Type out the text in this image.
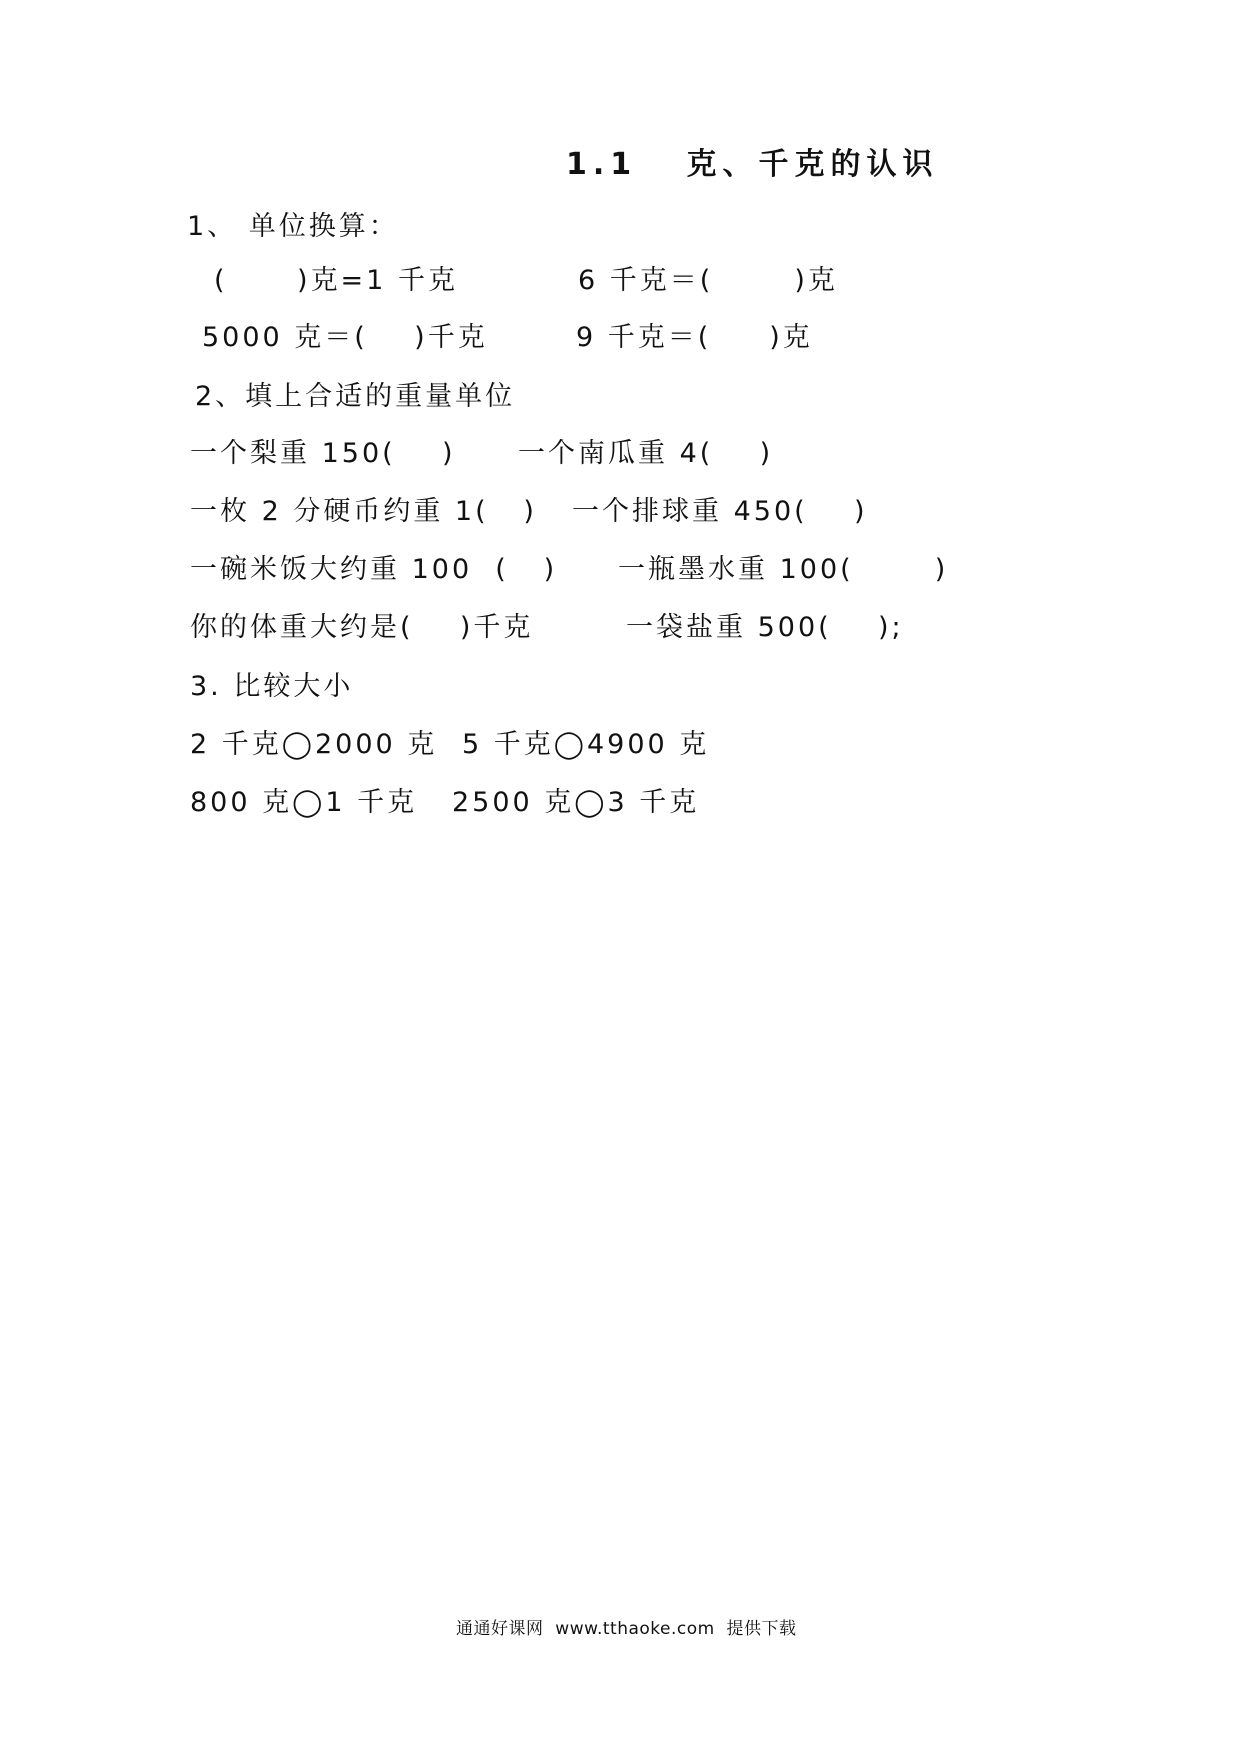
1.1   克、千克的认识
1、 单位换算：
(      )克=1 千克	6 千克＝(       )克
5000 克＝(    )千克	9 千克＝(     )克
2、填上合适的重量单位
一个梨重 150(    ) 一个南瓜重 4(    )
一枚 2 分硬币约重 1(   ) 一个排球重 450(    )
一碗米饭大约重 100  (   ) 一瓶墨水重 100(       )
你的体重大约是(    )千克	一袋盐重 500(    );
3. 比较大小
2 千克◯2000 克 5 千克◯4900 克
800 克◯1 千克 2500 克◯3 千克
通通好课网  www.tthaoke.com  提供下载
